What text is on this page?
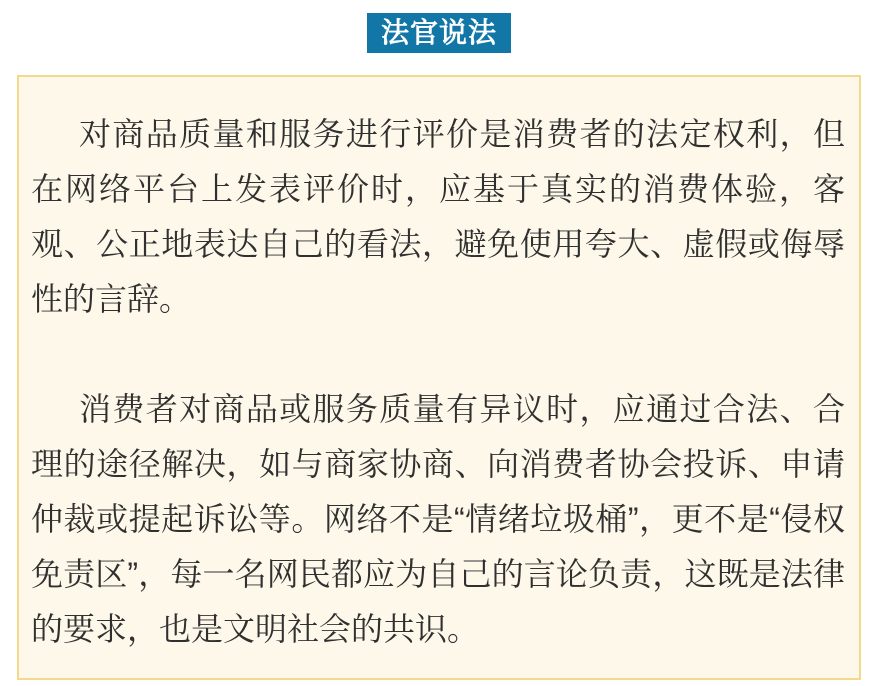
法官说法

对商品质量和服务进行评价是消费者的法定权利，但在网络平台上发表评价时，应基于真实的消费体验，客观、公正地表达自己的看法，避免使用夸大、虚假或侮辱性的言辞。

消费者对商品或服务质量有异议时，应通过合法、合理的途径解决，如与商家协商、向消费者协会投诉、申请仲裁或提起诉讼等。网络不是“情绪垃圾桶”，更不是“侵权免责区”，每一名网民都应为自己的言论负责，这既是法律的要求，也是文明社会的共识。
